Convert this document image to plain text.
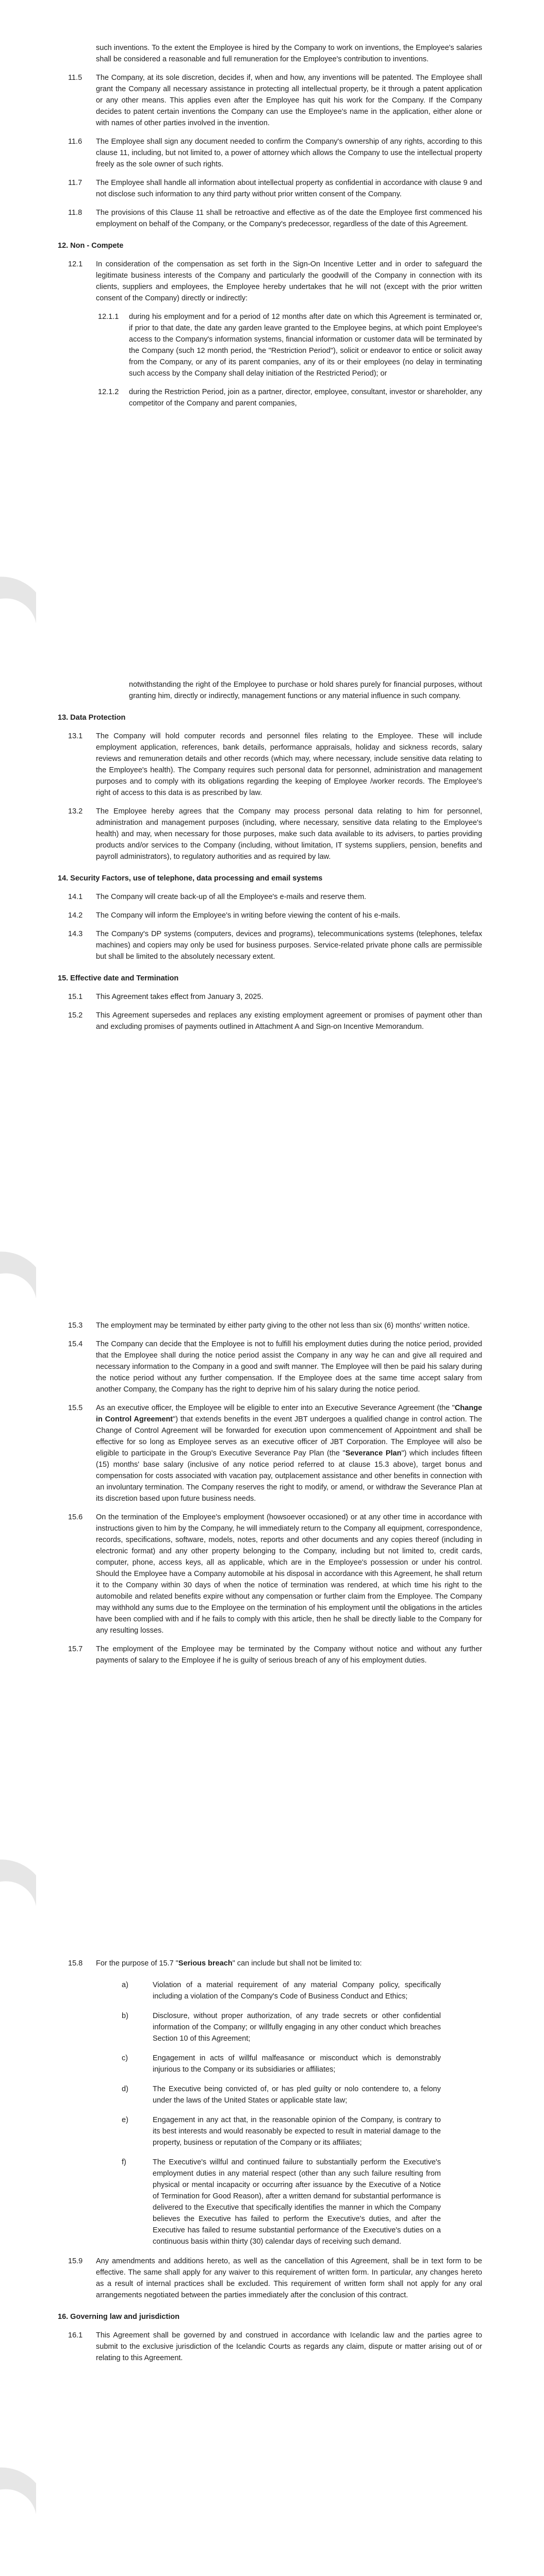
such inventions. To the extent the Employee is hired by the Company to work on inventions, the Employee's salaries shall be considered a reasonable and full remuneration for the Employee's contribution to inventions.
11.5	The Company, at its sole discretion, decides if, when and how, any inventions will be patented. The Employee shall grant the Company all necessary assistance in protecting all intellectual property, be it through a patent application or any other means. This applies even after the Employee has quit his work for the Company. If the Company decides to patent certain inventions the Company can use the Employee's name in the application, either alone or with names of other parties involved in the invention.
11.6	The Employee shall sign any document needed to confirm the Company's ownership of any rights, according to this clause 11, including, but not limited to, a power of attorney which allows the Company to use the intellectual property freely as the sole owner of such rights.
11.7	The Employee shall handle all information about intellectual property as confidential in accordance with clause 9 and not disclose such information to any third party without prior written consent of the Company.
11.8	The provisions of this Clause 11 shall be retroactive and effective as of the date the Employee first commenced his employment on behalf of the Company, or the Company's predecessor, regardless of the date of this Agreement.
12. Non - Compete
12.1	In consideration of the compensation as set forth in the Sign-On Incentive Letter and in order to safeguard the legitimate business interests of the Company and particularly the goodwill of the Company in connection with its clients, suppliers and employees, the Employee hereby undertakes that he will not (except with the prior written consent of the Company) directly or indirectly:
12.1.1	during his employment and for a period of 12 months after date on which this Agreement is terminated or, if prior to that date, the date any garden leave granted to the Employee begins, at which point Employee's access to the Company's information systems, financial information or customer data will be terminated by the Company (such 12 month period, the "Restriction Period"), solicit or endeavor to entice or solicit away from the Company, or any of its parent companies, any of its or their employees (no delay in terminating such access by the Company shall delay initiation of the Restricted Period); or
12.1.2	during the Restriction Period, join as a partner, director, employee, consultant, investor or shareholder, any competitor of the Company and parent companies,
notwithstanding the right of the Employee to purchase or hold shares purely for financial purposes, without granting him, directly or indirectly, management functions or any material influence in such company.
13. Data Protection
13.1	The Company will hold computer records and personnel files relating to the Employee. These will include employment application, references, bank details, performance appraisals, holiday and sickness records, salary reviews and remuneration details and other records (which may, where necessary, include sensitive data relating to the Employee's health). The Company requires such personal data for personnel, administration and management purposes and to comply with its obligations regarding the keeping of Employee /worker records. The Employee's right of access to this data is as prescribed by law.
13.2	The Employee hereby agrees that the Company may process personal data relating to him for personnel, administration and management purposes (including, where necessary, sensitive data relating to the Employee's health) and may, when necessary for those purposes, make such data available to its advisers, to parties providing products and/or services to the Company (including, without limitation, IT systems suppliers, pension, benefits and payroll administrators), to regulatory authorities and as required by law.
14. Security Factors, use of telephone, data processing and email systems
14.1	The Company will create back-up of all the Employee's e-mails and reserve them.
14.2	The Company will inform the Employee's in writing before viewing the content of his e-mails.
14.3	The Company's DP systems (computers, devices and programs), telecommunications systems (telephones, telefax machines) and copiers may only be used for business purposes. Service-related private phone calls are permissible but shall be limited to the absolutely necessary extent.
15. Effective date and Termination
15.1	This Agreement takes effect from January 3, 2025.
15.2	This Agreement supersedes and replaces any existing employment agreement or promises of payment other than and excluding promises of payments outlined in Attachment A and Sign-on Incentive Memorandum.
15.3	The employment may be terminated by either party giving to the other not less than six (6) months' written notice.
15.4	The Company can decide that the Employee is not to fulfill his employment duties during the notice period, provided that the Employee shall during the notice period assist the Company in any way he can and give all required and necessary information to the Company in a good and swift manner. The Employee will then be paid his salary during the notice period without any further compensation. If the Employee does at the same time accept salary from another Company, the Company has the right to deprive him of his salary during the notice period.
15.5	As an executive officer, the Employee will be eligible to enter into an Executive Severance Agreement (the "Change in Control Agreement") that extends benefits in the event JBT undergoes a qualified change in control action. The Change of Control Agreement will be forwarded for execution upon commencement of Appointment and shall be effective for so long as Employee serves as an executive officer of JBT Corporation. The Employee will also be eligible to participate in the Group's Executive Severance Pay Plan (the "Severance Plan") which includes fifteen (15) months' base salary (inclusive of any notice period referred to at clause 15.3 above), target bonus and compensation for costs associated with vacation pay, outplacement assistance and other benefits in connection with an involuntary termination. The Company reserves the right to modify, or amend, or withdraw the Severance Plan at its discretion based upon future business needs.
15.6	On the termination of the Employee's employment (howsoever occasioned) or at any other time in accordance with instructions given to him by the Company, he will immediately return to the Company all equipment, correspondence, records, specifications, software, models, notes, reports and other documents and any copies thereof (including in electronic format) and any other property belonging to the Company, including but not limited to, credit cards, computer, phone, access keys, all as applicable, which are in the Employee's possession or under his control. Should the Employee have a Company automobile at his disposal in accordance with this Agreement, he shall return it to the Company within 30 days of when the notice of termination was rendered, at which time his right to the automobile and related benefits expire without any compensation or further claim from the Employee. The Company may withhold any sums due to the Employee on the termination of his employment until the obligations in the articles have been complied with and if he fails to comply with this article, then he shall be directly liable to the Company for any resulting losses.
15.7	The employment of the Employee may be terminated by the Company without notice and without any further payments of salary to the Employee if he is guilty of serious breach of any of his employment duties.
15.8	For the purpose of 15.7 "Serious breach" can include but shall not be limited to:
a)	Violation of a material requirement of any material Company policy, specifically including a violation of the Company's Code of Business Conduct and Ethics;
b)	Disclosure, without proper authorization, of any trade secrets or other confidential information of the Company; or willfully engaging in any other conduct which breaches Section 10 of this Agreement;
c)	Engagement in acts of willful malfeasance or misconduct which is demonstrably injurious to the Company or its subsidiaries or affiliates;
d)	The Executive being convicted of, or has pled guilty or nolo contendere to, a felony under the laws of the United States or applicable state law;
e)	Engagement in any act that, in the reasonable opinion of the Company, is contrary to its best interests and would reasonably be expected to result in material damage to the property, business or reputation of the Company or its affiliates;
f)	The Executive's willful and continued failure to substantially perform the Executive's employment duties in any material respect (other than any such failure resulting from physical or mental incapacity or occurring after issuance by the Executive of a Notice of Termination for Good Reason), after a written demand for substantial performance is delivered to the Executive that specifically identifies the manner in which the Company believes the Executive has failed to perform the Executive's duties, and after the Executive has failed to resume substantial performance of the Executive's duties on a continuous basis within thirty (30) calendar days of receiving such demand.
15.9	Any amendments and additions hereto, as well as the cancellation of this Agreement, shall be in text form to be effective. The same shall apply for any waiver to this requirement of written form. In particular, any changes hereto as a result of internal practices shall be excluded. This requirement of written form shall not apply for any oral arrangements negotiated between the parties immediately after the conclusion of this contract.
16. Governing law and jurisdiction
16.1	This Agreement shall be governed by and construed in accordance with Icelandic law and the parties agree to submit to the exclusive jurisdiction of the Icelandic Courts as regards any claim, dispute or matter arising out of or relating to this Agreement.
